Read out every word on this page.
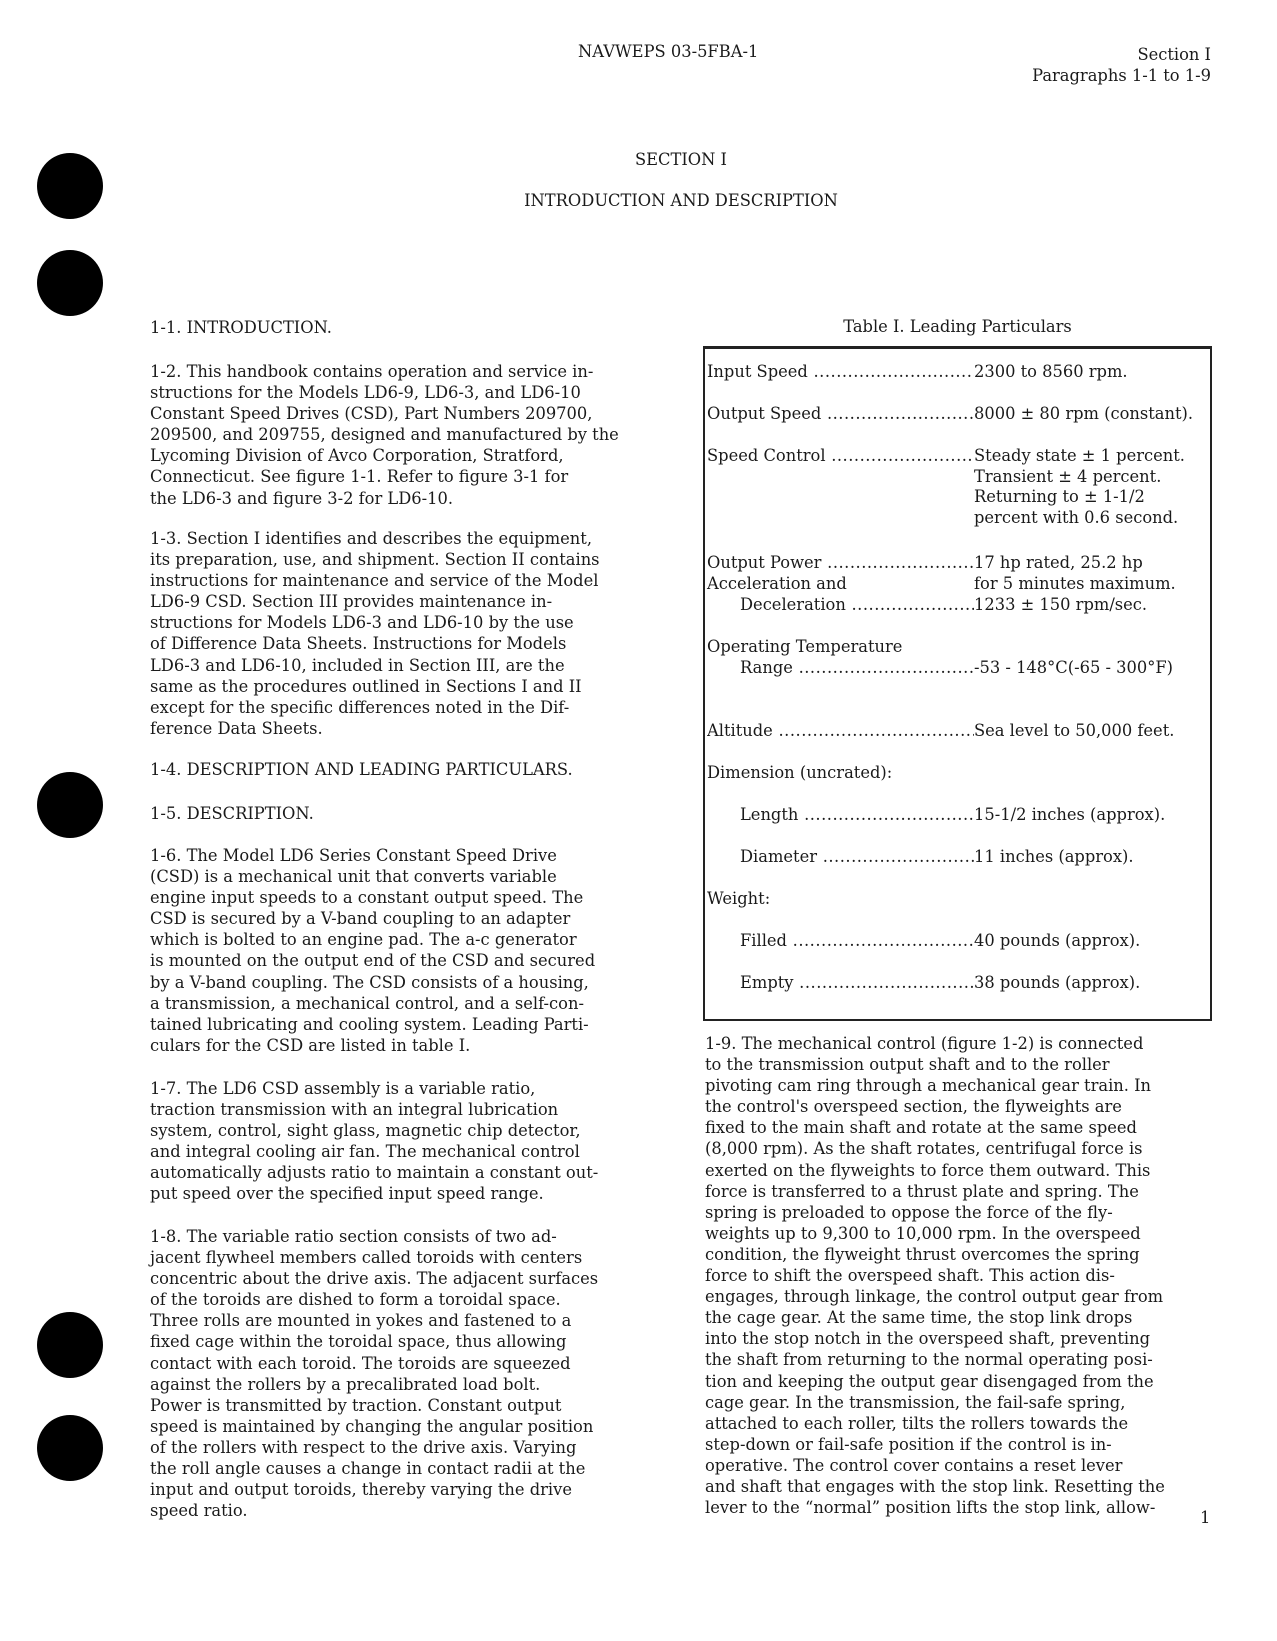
NAVWEPS 03-5FBA-1	Section I
Paragraphs 1-1 to 1-9
SECTION I
INTRODUCTION AND DESCRIPTION
1-1. INTRODUCTION.
1-2. This handbook contains operation and service in-
structions for the Models LD6-9, LD6-3, and LD6-10
Constant Speed Drives (CSD), Part Numbers 209700,
209500, and 209755, designed and manufactured by the
Lycoming Division of Avco Corporation, Stratford,
Connecticut. See figure 1-1. Refer to figure 3-1 for
the LD6-3 and figure 3-2 for LD6-10.
1-3. Section I identifies and describes the equipment,
its preparation, use, and shipment. Section II contains
instructions for maintenance and service of the Model
LD6-9 CSD. Section III provides maintenance in-
structions for Models LD6-3 and LD6-10 by the use
of Difference Data Sheets. Instructions for Models
LD6-3 and LD6-10, included in Section III, are the
same as the procedures outlined in Sections I and II
except for the specific differences noted in the Dif-
ference Data Sheets.
1-4. DESCRIPTION AND LEADING PARTICULARS.
1-5. DESCRIPTION.
1-6. The Model LD6 Series Constant Speed Drive
(CSD) is a mechanical unit that converts variable
engine input speeds to a constant output speed. The
CSD is secured by a V-band coupling to an adapter
which is bolted to an engine pad. The a-c generator
is mounted on the output end of the CSD and secured
by a V-band coupling. The CSD consists of a housing,
a transmission, a mechanical control, and a self-con-
tained lubricating and cooling system. Leading Parti-
culars for the CSD are listed in table I.
1-7. The LD6 CSD assembly is a variable ratio,
traction transmission with an integral lubrication
system, control, sight glass, magnetic chip detector,
and integral cooling air fan. The mechanical control
automatically adjusts ratio to maintain a constant out-
put speed over the specified input speed range.
1-8. The variable ratio section consists of two ad-
jacent flywheel members called toroids with centers
concentric about the drive axis. The adjacent surfaces
of the toroids are dished to form a toroidal space.
Three rolls are mounted in yokes and fastened to a
fixed cage within the toroidal space, thus allowing
contact with each toroid. The toroids are squeezed
against the rollers by a precalibrated load bolt.
Power is transmitted by traction. Constant output
speed is maintained by changing the angular position
of the rollers with respect to the drive axis. Varying
the roll angle causes a change in contact radii at the
input and output toroids, thereby varying the drive
speed ratio.
Table I. Leading Particulars
Input Speed .....	2300 to 8560 rpm.
Output Speed .....	8000 ± 80 rpm (constant).
Speed Control .....	Steady state ± 1 percent.
Transient ± 4 percent.
Returning to ± 1-1/2
percent with 0.6 second.
Output Power .....	17 hp rated, 25.2 hp
for 5 minutes maximum.
Acceleration and
Deceleration .....	1233 ± 150 rpm/sec.
Operating Temperature
Range .....	-53 - 148°C(-65 - 300°F)
Altitude .....	Sea level to 50,000 feet.
Dimension (uncrated):
Length .....	15-1/2 inches (approx).
Diameter .....	11 inches (approx).
Weight:
Filled .....	40 pounds (approx).
Empty .....	38 pounds (approx).
1-9. The mechanical control (figure 1-2) is connected
to the transmission output shaft and to the roller
pivoting cam ring through a mechanical gear train. In
the control's overspeed section, the flyweights are
fixed to the main shaft and rotate at the same speed
(8,000 rpm). As the shaft rotates, centrifugal force is
exerted on the flyweights to force them outward. This
force is transferred to a thrust plate and spring. The
spring is preloaded to oppose the force of the fly-
weights up to 9,300 to 10,000 rpm. In the overspeed
condition, the flyweight thrust overcomes the spring
force to shift the overspeed shaft. This action dis-
engages, through linkage, the control output gear from
the cage gear. At the same time, the stop link drops
into the stop notch in the overspeed shaft, preventing
the shaft from returning to the normal operating posi-
tion and keeping the output gear disengaged from the
cage gear. In the transmission, the fail-safe spring,
attached to each roller, tilts the rollers towards the
step-down or fail-safe position if the control is in-
operative. The control cover contains a reset lever
and shaft that engages with the stop link. Resetting the
lever to the “normal” position lifts the stop link, allow-
1
